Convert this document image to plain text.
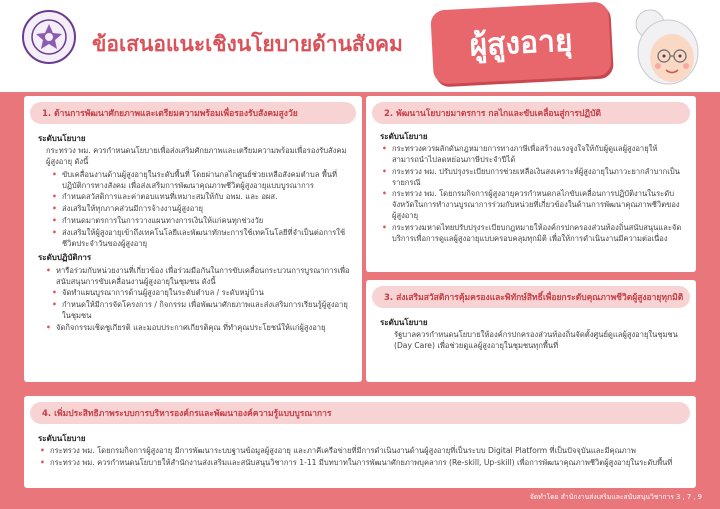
ข้อเสนอแนะเชิงนโยบายด้านสังคม	ผู้สูงอายุ
1. ด้านการพัฒนาศักยภาพและเตรียมความพร้อมเพื่อรองรับสังคมสูงวัย
ระดับนโยบาย
กระทรวง พม. ควรกำหนดนโยบายเพื่อส่งเสริมศักยภาพและเตรียมความพร้อมเพื่อรองรับสังคมผู้สูงอายุ ดังนี้
• ขับเคลื่อนงานด้านผู้สูงอายุในระดับพื้นที่ โดยผ่านกลไกศูนย์ช่วยเหลือสังคมตำบล พื้นที่ปฏิบัติการทางสังคม เพื่อส่งเสริมการพัฒนาคุณภาพชีวิตผู้สูงอายุแบบบูรณาการ
• กำหนดสวัสดิการและค่าตอบแทนที่เหมาะสมให้กับ อพม. และ อผส.
• ส่งเสริมให้ทุกภาคส่วนมีการจ้างงานผู้สูงอายุ
• กำหนดมาตรการในการวางแผนทางการเงินให้แก่คนทุกช่วงวัย
• ส่งเสริมให้ผู้สูงอายุเข้าถึงเทคโนโลยีและพัฒนาทักษะการใช้เทคโนโลยีที่จำเป็นต่อการใช้ชีวิตประจำวันของผู้สูงอายุ
ระดับปฏิบัติการ
• หารือร่วมกับหน่วยงานที่เกี่ยวข้อง เพื่อร่วมมือกันในการขับเคลื่อนกระบวนการบูรณาการเพื่อสนับสนุนการขับเคลื่อนงานผู้สูงอายุในชุมชน ดังนี้
• จัดทำแผนบูรณาการด้านผู้สูงอายุในระดับตำบล / ระดับหมู่บ้าน
• กำหนดให้มีการจัดโครงการ / กิจกรรม เพื่อพัฒนาศักยภาพและส่งเสริมการเรียนรู้ผู้สูงอายุในชุมชน
• จัดกิจกรรมเชิดชูเกียรติ และมอบประกาศเกียรติคุณ ที่ทำคุณประโยชน์ให้แก่ผู้สูงอายุ
2. พัฒนานโยบายมาตรการ กลไกและขับเคลื่อนสู่การปฏิบัติ
ระดับนโยบาย
• กระทรวงควรผลักดันกฎหมายการทางภาษีเพื่อสร้างแรงจูงใจให้กับผู้ดูแลผู้สูงอายุให้สามารถนำไปลดหย่อนภาษีประจำปีได้
• กระทรวง พม. ปรับปรุงระเบียบการช่วยเหลือเงินสงเคราะห์ผู้สูงอายุในภาวะยากลำบากเป็นรายกรณี
• กระทรวง พม. โดยกรมกิจการผู้สูงอายุควรกำหนดกลไกขับเคลื่อนการปฏิบัติงานในระดับจังหวัดในการทำงานบูรณาการร่วมกับหน่วยที่เกี่ยวข้องในด้านการพัฒนาคุณภาพชีวิตของผู้สูงอายุ
• กระทรวงมหาดไทยปรับปรุงระเบียบกฎหมายให้องค์กรปกครองส่วนท้องถิ่นสนับสนุนและจัดบริการเพื่อการดูแลผู้สูงอายุแบบครอบคลุมทุกมิติ เพื่อให้การดำเนินงานมีความต่อเนื่อง
3. ส่งเสริมสวัสดิการคุ้มครองและพิทักษ์สิทธิ์เพื่อยกระดับคุณภาพชีวิตผู้สูงอายุทุกมิติ
ระดับนโยบาย
รัฐบาลควรกำหนดนโยบายให้องค์กรปกครองส่วนท้องถิ่นจัดตั้งศูนย์ดูแลผู้สูงอายุในชุมชน (Day Care) เพื่อช่วยดูแลผู้สูงอายุในชุมชนทุกพื้นที่
4. เพิ่มประสิทธิภาพระบบการบริหารองค์กรและพัฒนาองค์ความรู้แบบบูรณาการ
ระดับนโยบาย
• กระทรวง พม. โดยกรมกิจการผู้สูงอายุ มีการพัฒนาระบบฐานข้อมูลผู้สูงอายุ และภาคีเครือข่ายที่มีการดำเนินงานด้านผู้สูงอายุที่เป็นระบบ Digital Platform ที่เป็นปัจจุบันและมีคุณภาพ
• กระทรวง พม. ควรกำหนดนโยบายให้สำนักงานส่งเสริมและสนับสนุนวิชาการ 1-11 มีบทบาทในการพัฒนาศักยภาพบุคลากร (Re-skill, Up-skill) เพื่อการพัฒนาคุณภาพชีวิตผู้สูงอายุในระดับพื้นที่
จัดทำโดย สำนักงานส่งเสริมและสนับสนุนวิชาการ 3 , 7 , 9
